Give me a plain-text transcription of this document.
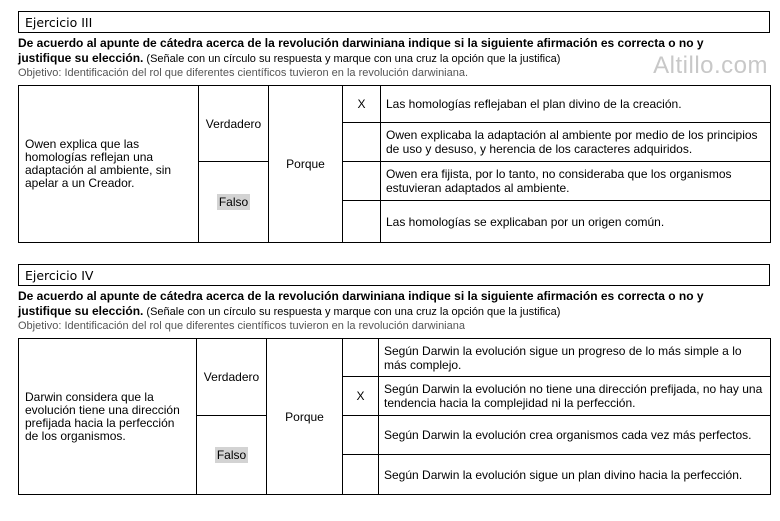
Altillo.com
Ejercicio III
De acuerdo al apunte de cátedra acerca de la revolución darwiniana indique si la siguiente afirmación es correcta o no y
justifique su elección. (Señale con un círculo su respuesta y marque con una cruz la opción que la justifica)
Objetivo: Identificación del rol que diferentes científicos tuvieron en la revolución darwiniana.
Owen explica que las homologías reflejan una adaptación al ambiente, sin apelar a un Creador.	Verdadero	Porque	X	Las homologías reflejaban el plan divino de la creación.
				Owen explicaba la adaptación al ambiente por medio de los principios de uso y desuso, y herencia de los caracteres adquiridos.
	Falso			Owen era fijista, por lo tanto, no consideraba que los organismos estuvieran adaptados al ambiente.
				Las homologías se explicaban por un origen común.
Ejercicio IV
De acuerdo al apunte de cátedra acerca de la revolución darwiniana indique si la siguiente afirmación es correcta o no y
justifique su elección. (Señale con un círculo su respuesta y marque con una cruz la opción que la justifica)
Objetivo: Identificación del rol que diferentes científicos tuvieron en la revolución darwiniana
Darwin considera que la evolución tiene una dirección prefijada hacia la perfección de los organismos.	Verdadero	Porque		Según Darwin la evolución sigue un progreso de lo más simple a lo más complejo.
			X	Según Darwin la evolución no tiene una dirección prefijada, no hay una tendencia hacia la complejidad ni la perfección.
	Falso			Según Darwin la evolución crea organismos cada vez más perfectos.
				Según Darwin la evolución sigue un plan divino hacia la perfección.
